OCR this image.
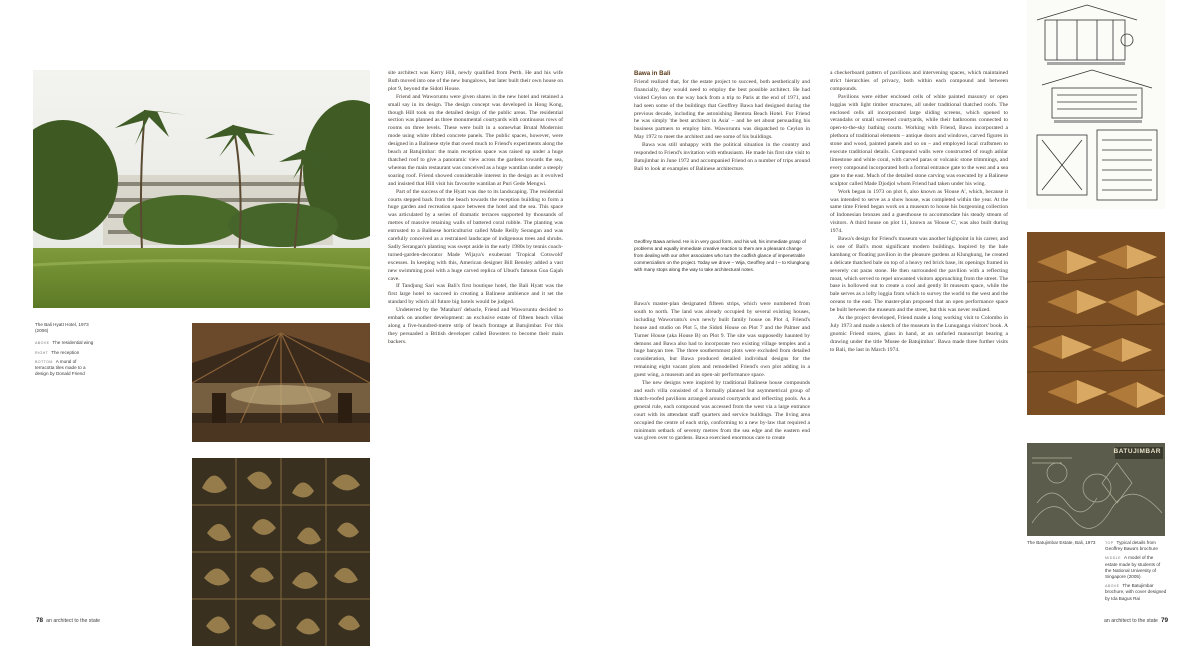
The Bali Hyatt Hotel, 1973 (2006)
ABOVE The residential wing
RIGHT The reception
BOTTOM A mural of terracotta tiles made to a design by Donald Friend

site architect was Kerry Hill, newly qualified from Perth. He and his wife Ruth moved into one of the new bungalows, but later built their own house on plot 9, beyond the Sidoti House.

Friend and Waworuntu were given shares in the new hotel and retained a small say in its design. The design concept was developed in Hong Kong, though Hill took on the detailed design of the public areas. The residential section was planned as three monumental courtyards with continuous rows of rooms on three levels. These were built in a somewhat Brutal Modernist mode using white ribbed concrete panels. The public spaces, however, were designed in a Balinese style that owed much to Friend's experiments along the beach at Batujimbar: the main reception space was raised up under a huge thatched roof to give a panoramic view across the gardens towards the sea, whereas the main restaurant was conceived as a huge wantilan under a steeply soaring roof. Friend showed considerable interest in the design as it evolved and insisted that Hill visit his favourite wantilan at Puri Gede Mengwi.

Part of the success of the Hyatt was due to its landscaping. The residential courts stepped back from the beach towards the reception building to form a huge garden and recreation space between the hotel and the sea. This space was articulated by a series of dramatic terraces supported by thousands of metres of massive retaining walls of battered coral rubble. The planting was entrusted to a Balinese horticulturist called Made Reilly Serangan and was carefully conceived as a restrained landscape of indigenous trees and shrubs. Sadly Serangan's planting was swept aside in the early 1980s by tennis coach-turned-garden-decorator Made Wijaya's exuberant 'Tropical Cotswold' excesses. In keeping with this, American designer Bill Bensley added a vast new swimming pool with a huge carved replica of Ubud's famous Goa Gajah cave.

If Tandjung Sari was Bali's first boutique hotel, the Bali Hyatt was the first large hotel to succeed in creating a Balinese ambience and it set the standard by which all future big hotels would be judged.

Undeterred by the 'Matahari' debacle, Friend and Waworuntu decided to embark on another development: an exclusive estate of fifteen beach villas along a five-hundred-metre strip of beach frontage at Batujimbar. For this they persuaded a British developer called Bowsters to become their main backers.

78 an architect to the state

Bawa in Bali

Friend realized that, for the estate project to succeed, both aesthetically and financially, they would need to employ the best possible architect. He had visited Ceylon on the way back from a trip to Paris at the end of 1971, and had seen some of the buildings that Geoffrey Bawa had designed during the previous decade, including the astonishing Bentota Beach Hotel. For Friend he was simply 'the best architect in Asia' – and he set about persuading his business partners to employ him. Waworuntu was dispatched to Ceylon in May 1972 to meet the architect and see some of his buildings.

Bawa was still unhappy with the political situation in the country and responded to Friend's invitation with enthusiasm. He made his first site visit to Batujimbar in June 1972 and accompanied Friend on a number of trips around Bali to look at examples of Balinese architecture.

Geoffrey Bawa arrived. He is in very good form, and his wit, his immediate grasp of problems and equally immediate creative reaction to them are a pleasant change from dealing with our other associates who turn the codfish glance of impenetrable commercialism on the project. Today we drove – Wija, Geoffrey and I – to Klungkung with many stops along the way to take architectural notes.

Bawa's master-plan designated fifteen strips, which were numbered from south to north. The land was already occupied by several existing houses, including Waworuntu's own newly built family house on Plot 4, Friend's house and studio on Plot 5, the Sidoti House on Plot 7 and the Palmer and Turner House (aka House B) on Plot 9. The site was supposedly haunted by demons and Bawa also had to incorporate two existing village temples and a huge banyan tree. The three southernmost plots were excluded from detailed consideration, but Bawa produced detailed individual designs for the remaining eight vacant plots and remodelled Friend's own plot adding in a guest wing, a museum and an open-air performance space.

The new designs were inspired by traditional Balinese house compounds and each villa consisted of a formally planned but asymmetrical group of thatch-roofed pavilions arranged around courtyards and reflecting pools. As a general rule, each compound was accessed from the west via a large entrance court with its attendant staff quarters and service buildings. The living area occupied the centre of each strip, conforming to a new by-law that required a minimum setback of seventy metres from the sea edge and the eastern end was given over to gardens. Bawa exercised enormous care to create

a checkerboard pattern of pavilions and intervening spaces, which maintained strict hierarchies of privacy, both within each compound and between compounds.

Pavilions were either enclosed cells of white painted masonry or open loggias with light timber structures, all under traditional thatched roofs. The enclosed cells all incorporated large sliding screens, which opened to verandahs or small screened courtyards, while their bathrooms connected to open-to-the-sky bathing courts. Working with Friend, Bawa incorporated a plethora of traditional elements – antique doors and windows, carved figures in stone and wood, painted panels and so on – and employed local craftsmen to execute traditional details. Compound walls were constructed of rough ashlar limestone and white coral, with carved paras or volcanic stone trimmings, and every compound incorporated both a formal entrance gate to the west and a sea gate to the east. Much of the detailed stone carving was executed by a Balinese sculptor called Made Djodjol whom Friend had taken under his wing.

Work began in 1973 on plot 6, also known as 'House A', which, because it was intended to serve as a show house, was completed within the year. At the same time Friend began work on a museum to house his burgeoning collection of Indonesian bronzes and a guesthouse to accommodate his steady stream of visitors. A third house on plot 11, known as 'House C', was also built during 1974.

Bawa's design for Friend's museum was another highpoint in his career, and is one of Bali's most significant modern buildings. Inspired by the bale kambang or floating pavilion in the pleasure gardens at Klungkung, he created a delicate thatched bale on top of a heavy red brick base, its openings framed in severely cut paras stone. He then surrounded the pavilion with a reflecting moat, which served to repel unwanted visitors approaching from the street. The base is hollowed out to create a cool and gently lit museum space, while the bale serves as a lofty loggia from which to survey the world to the west and the oceans to the east. The master-plan proposed that an open performance space be built between the museum and the street, but this was never realized.

As the project developed, Friend made a long working visit to Colombo in July 1973 and made a sketch of the museum in the Lunuganga visitors' book. A gnomic Friend stares, glass in hand, at an unfurled manuscript bearing a drawing under the title 'Musee de Batujimbar'. Bawa made three further visits to Bali, the last in March 1974.

BATUJIMBAR
The Batujimbar Estate, Bali, 1973	TOP Typical details from Geoffrey Bawa's brochure
MIDDLE A model of the estate made by students of the National University of Singapore (2005)
ABOVE The Batujimbar brochure, with cover designed by Ida Bagus Rai
an architect to the state 79
